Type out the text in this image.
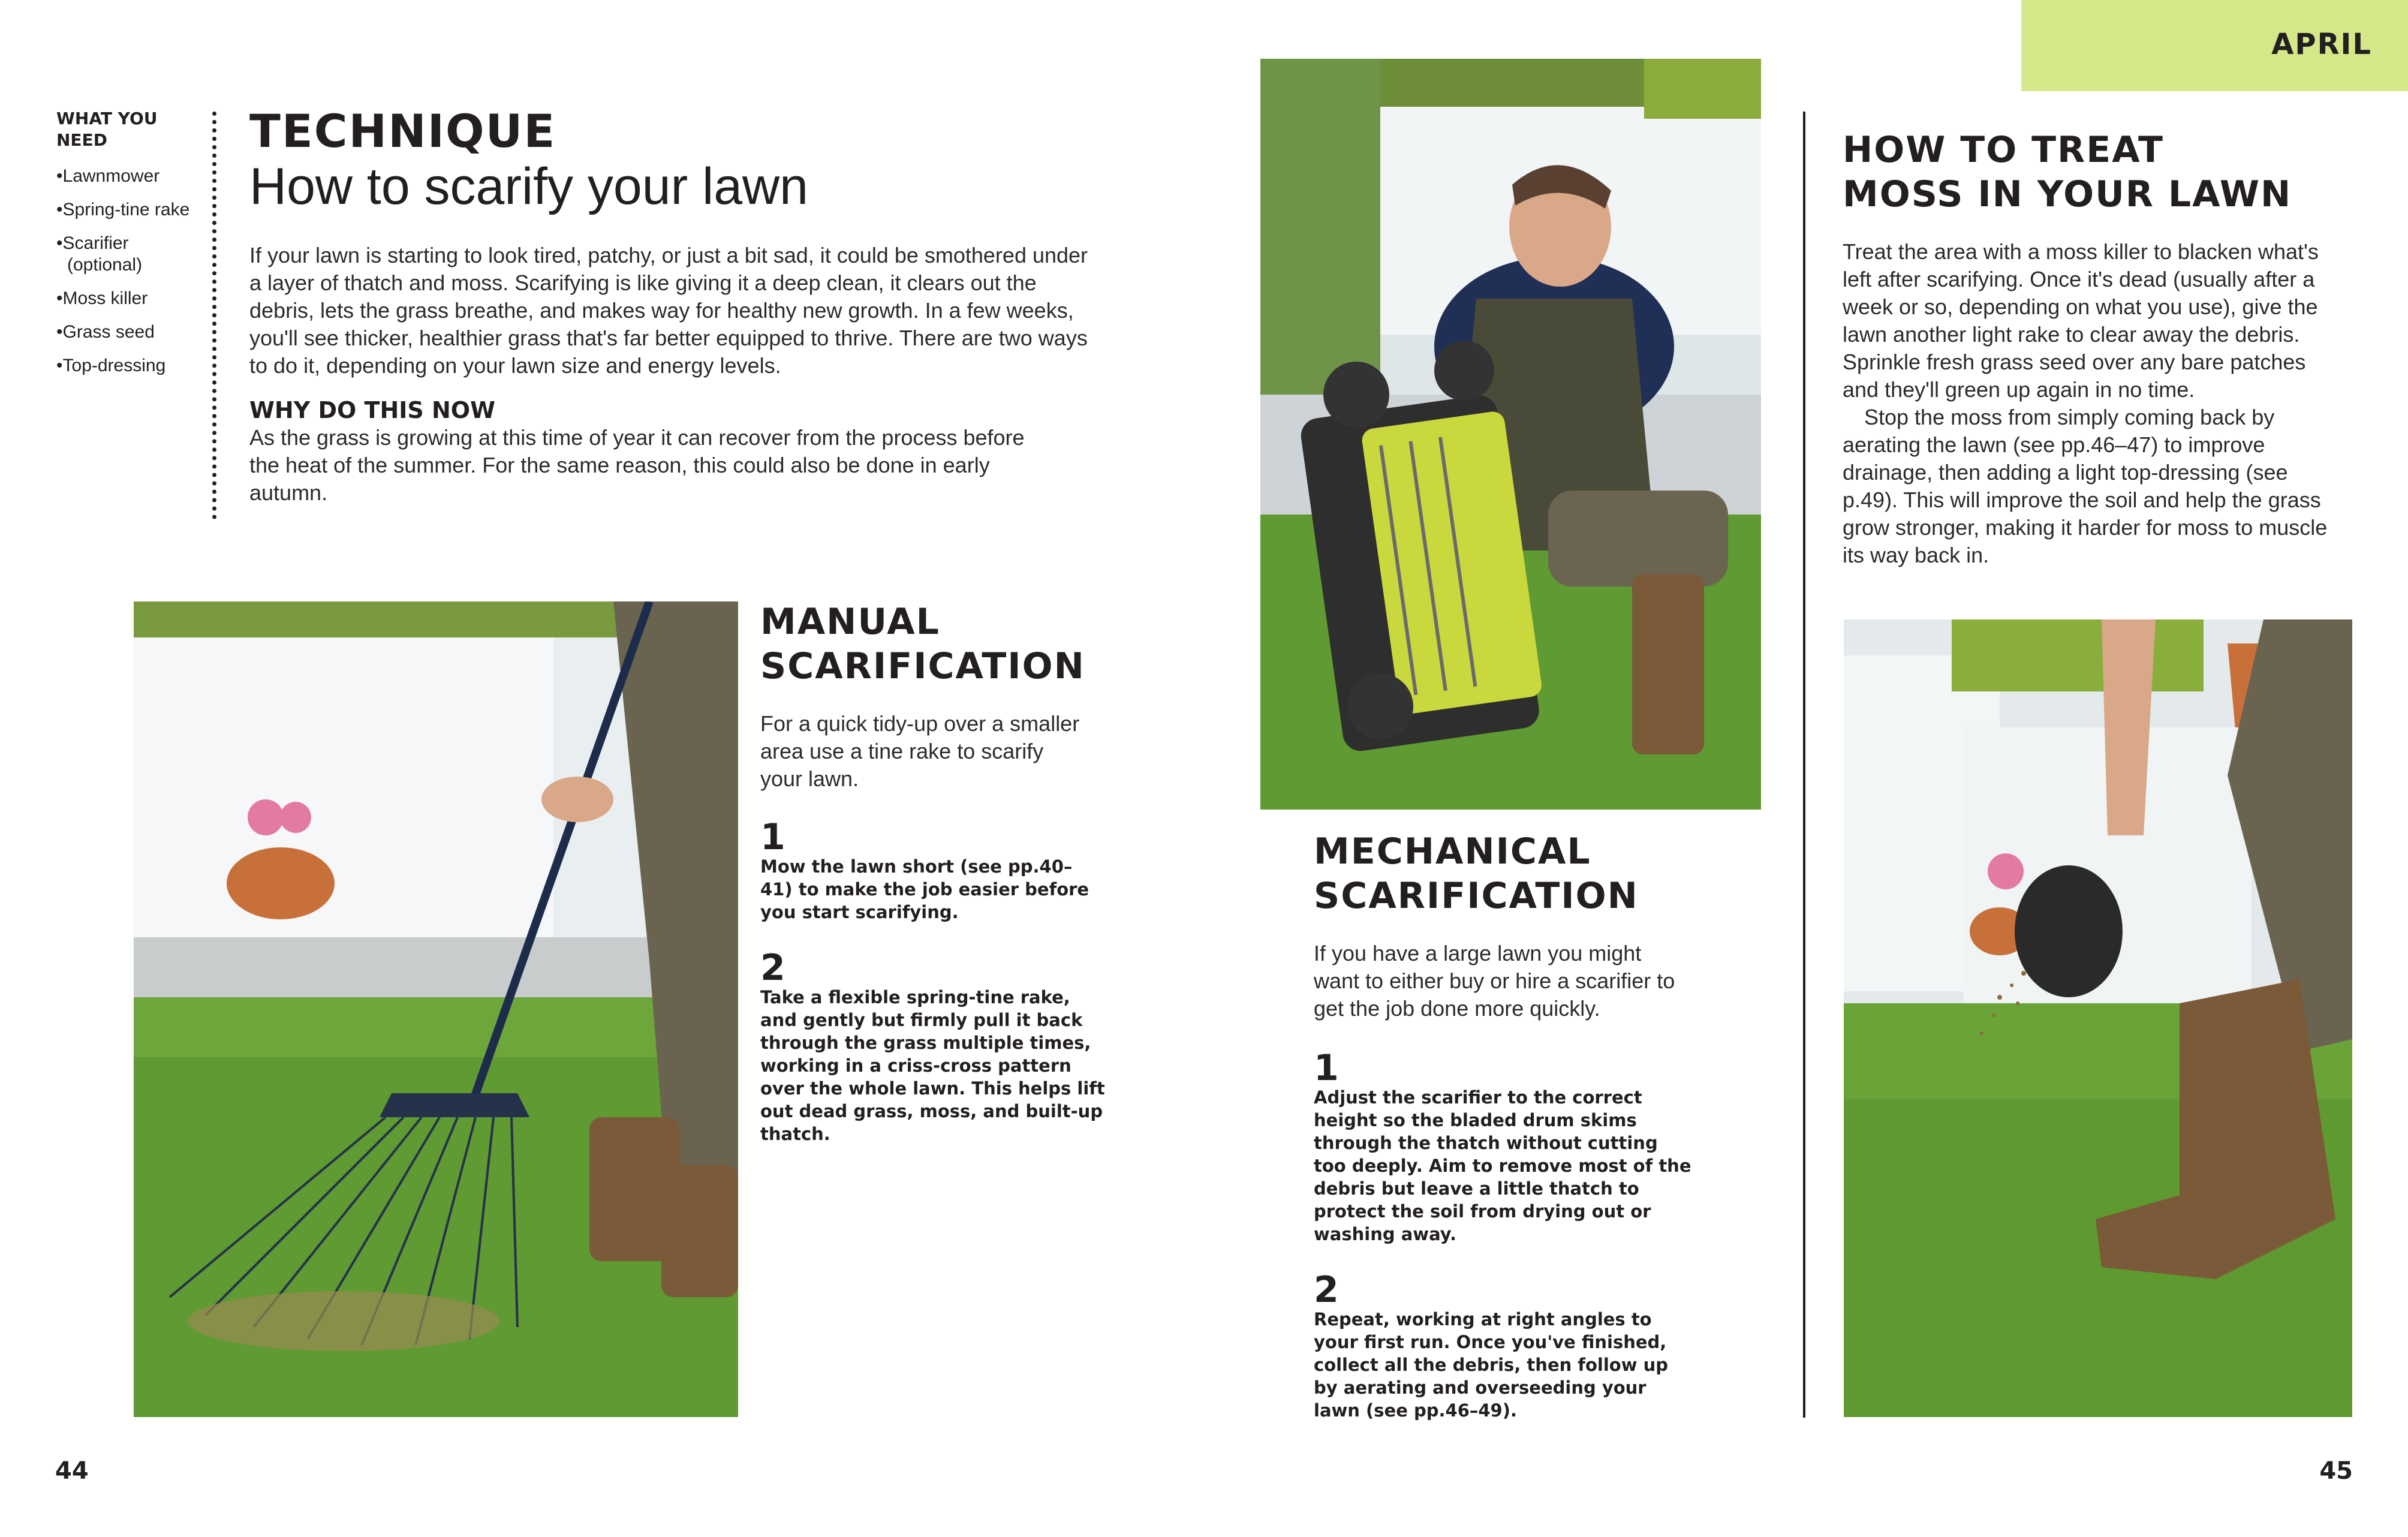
APRIL
WHAT YOU NEED
• Lawnmower
• Spring-tine rake
• Scarifier (optional)
• Moss killer
• Grass seed
• Top-dressing
TECHNIQUE
How to scarify your lawn

If your lawn is starting to look tired, patchy, or just a bit sad, it could be smothered under a layer of thatch and moss. Scarifying is like giving it a deep clean, it clears out the debris, lets the grass breathe, and makes way for healthy new growth. In a few weeks, you'll see thicker, healthier grass that's far better equipped to thrive. There are two ways to do it, depending on your lawn size and energy levels.

WHY DO THIS NOW

As the grass is growing at this time of year it can recover from the process before the heat of the summer. For the same reason, this could also be done in early autumn.

MANUAL
SCARIFICATION

For a quick tidy-up over a smaller area use a tine rake to scarify your lawn.

1

Mow the lawn short (see pp.40–41) to make the job easier before you start scarifying.

2

Take a flexible spring-tine rake, and gently but firmly pull it back through the grass multiple times, working in a criss-cross pattern over the whole lawn. This helps lift out dead grass, moss, and built-up thatch.

MECHANICAL
SCARIFICATION

If you have a large lawn you might want to either buy or hire a scarifier to get the job done more quickly.

1

Adjust the scarifier to the correct height so the bladed drum skims through the thatch without cutting too deeply. Aim to remove most of the debris but leave a little thatch to protect the soil from drying out or washing away.

2

Repeat, working at right angles to your first run. Once you've finished, collect all the debris, then follow up by aerating and overseeding your lawn (see pp.46–49).

HOW TO TREAT
MOSS IN YOUR LAWN

Treat the area with a moss killer to blacken what's left after scarifying. Once it's dead (usually after a week or so, depending on what you use), give the lawn another light rake to clear away the debris. Sprinkle fresh grass seed over any bare patches and they'll green up again in no time.

Stop the moss from simply coming back by aerating the lawn (see pp.46–47) to improve drainage, then adding a light top-dressing (see p.49). This will improve the soil and help the grass grow stronger, making it harder for moss to muscle its way back in.

44	45
